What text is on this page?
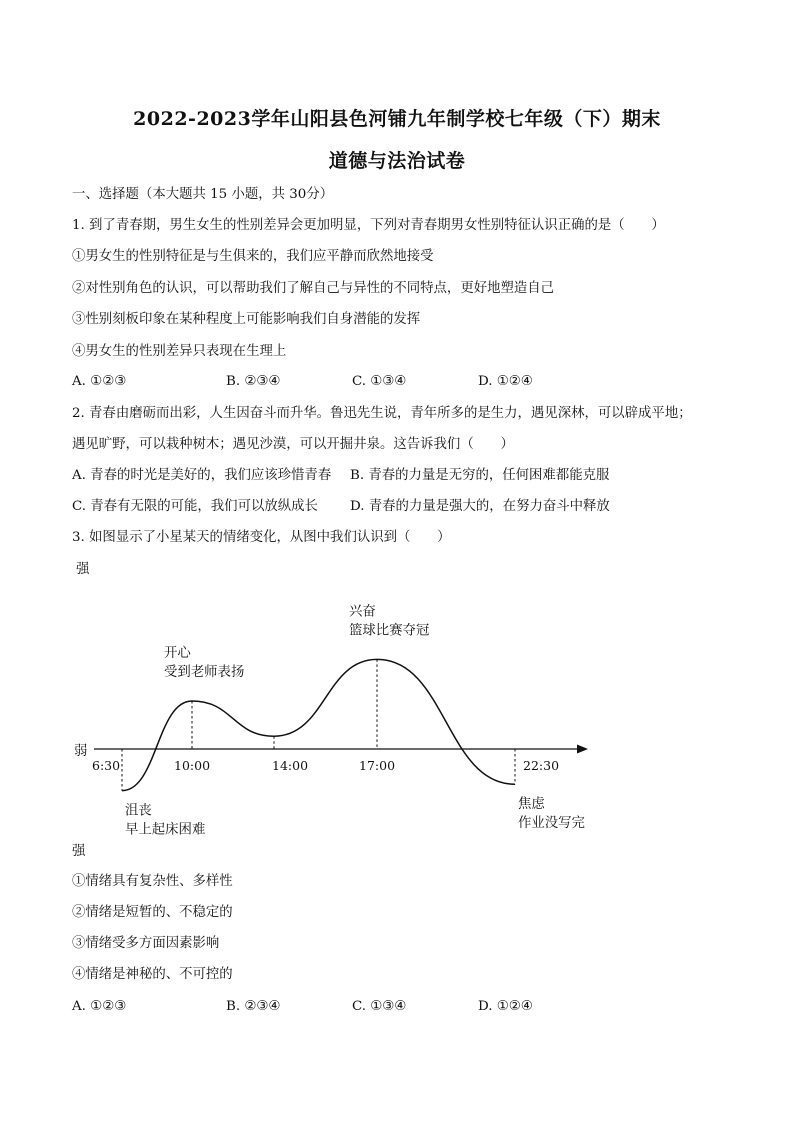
2022-2023学年山阳县色河铺九年制学校七年级（下）期末
道德与法治试卷
一、选择题（本大题共 15 小题，共 30分）
1. 到了青春期，男生女生的性别差异会更加明显，下列对青春期男女性别特征认识正确的是（　　）
①男女生的性别特征是与生俱来的，我们应平静而欣然地接受
②对性别角色的认识，可以帮助我们了解自己与异性的不同特点，更好地塑造自己
③性别刻板印象在某种程度上可能影响我们自身潜能的发挥
④男女生的性别差异只表现在生理上
A. ①②③	B. ②③④	C. ①③④	D. ①②④
2. 青春由磨砺而出彩，人生因奋斗而升华。鲁迅先生说，青年所多的是生力，遇见深林，可以辟成平地；
遇见旷野，可以栽种树木；遇见沙漠，可以开掘井泉。这告诉我们（　　）
A. 青春的时光是美好的，我们应该珍惜青春 B. 青春的力量是无穷的，任何困难都能克服
C. 青春有无限的可能，我们可以放纵成长 D. 青春的力量是强大的，在努力奋斗中释放
3. 如图显示了小星某天的情绪变化，从图中我们认识到（　　）
强
弱
6:30	10:00	14:00	17:00	22:30
沮丧
早上起床困难
开心
受到老师表扬
兴奋
篮球比赛夺冠
焦虑
作业没写完
强
①情绪具有复杂性、多样性
②情绪是短暂的、不稳定的
③情绪受多方面因素影响
④情绪是神秘的、不可控的
A. ①②③	B. ②③④	C. ①③④	D. ①②④
